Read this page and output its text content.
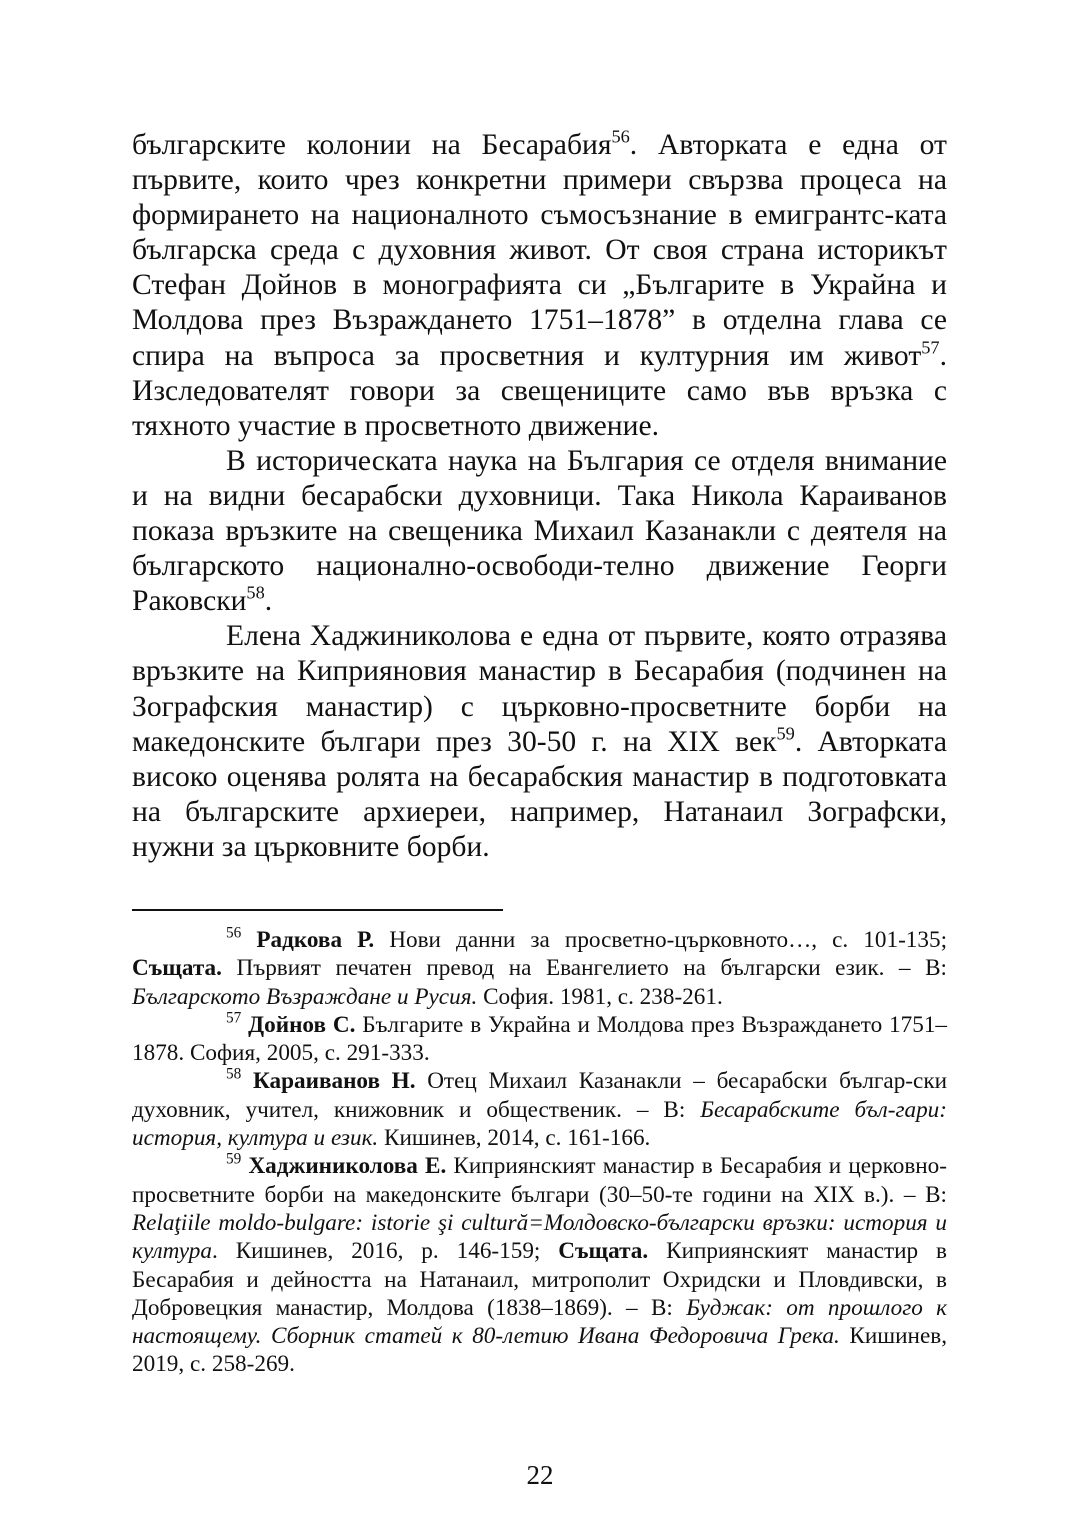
българските колонии на Бесарабия$^{56}$. Авторката е една от първите, които чрез конкретни примери свързва процеса на формирането на националното съмосъзнание в емигрантс-ката българска среда с духовния живот. От своя страна историкът Стефан Дойнов в монографията си „Българите в Украйна и Молдова през Възраждането 1751–1878” в отделна глава се спира на въпроса за просветния и културния им живот$^{57}$. Изследователят говори за свещениците само във връзка с тяхното участие в просветното движение.

В историческата наука на България се отделя внимание и на видни бесарабски духовници. Така Никола Караиванов показа връзките на свещеника Михаил Казанакли с деятеля на българското национално-освободи-телно движение Георги Раковски$^{58}$.

Елена Хаджиниколова е една от първите, която отразява връзките на Киприяновия манастир в Бесарабия (подчинен на Зографския манастир) с църковно-просветните борби на македонските българи през 30-50 г. на XIX век$^{59}$. Авторката високо оценява ролята на бесарабския манастир в подготовката на българските архиереи, например, Натанаил Зографски, нужни за църковните борби.

$^{56}$ Радкова Р. Нови данни за просветно-църковното…, с. 101-135; Същата. Първият печатен превод на Евангелието на български език. – В: Българското Възраждане и Русия. София. 1981, с. 238-261.

$^{57}$ Дойнов С. Българите в Украйна и Молдова през Възраждането 1751–1878. София, 2005, с. 291-333.

$^{58}$ Караиванов Н. Отец Михаил Казанакли – бесарабски българ-ски духовник, учител, книжовник и общественик. – В: Бесарабските бъл-гари: история, култура и език. Кишинев, 2014, с. 161-166.

$^{59}$ Хаджиниколова Е. Киприянският манастир в Бесарабия и церковно-просветните борби на македонските българи (30–50-те години на XIX в.). – В: Relaţiile moldo-bulgare: istorie şi cultură=Молдовско-български връзки: история и култура. Кишинев, 2016, p. 146-159; Същата. Киприянският манастир в Бесарабия и дейността на Натанаил, митрополит Охридски и Пловдивски, в Добровецкия манастир, Молдова (1838–1869). – В: Буджак: от прошлого к настоящему. Сборник статей к 80-летию Ивана Федоровича Грека. Кишинев, 2019, с. 258-269.

22
